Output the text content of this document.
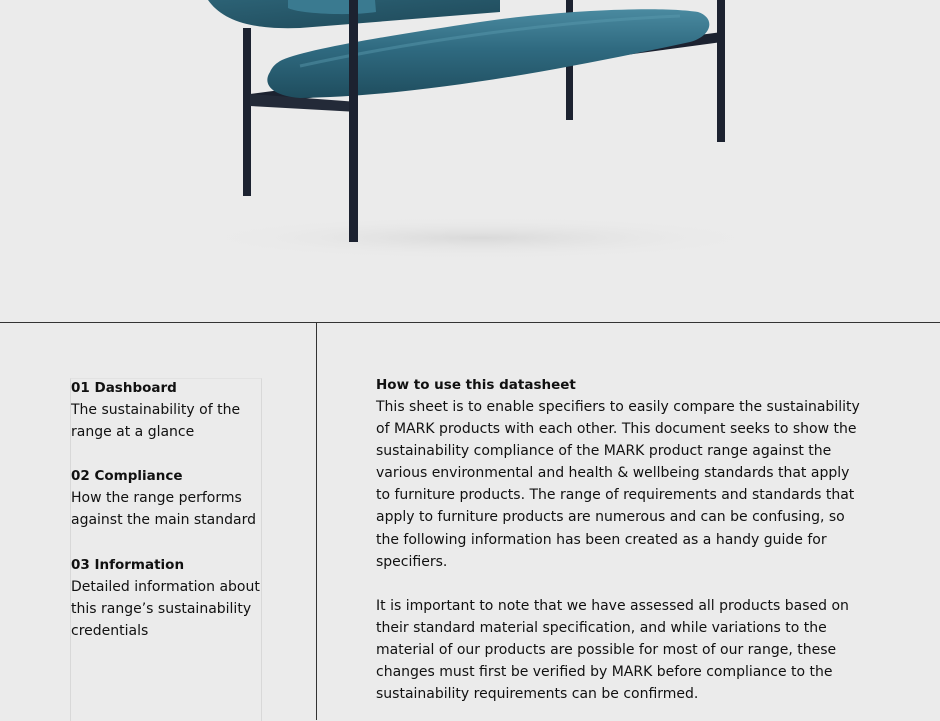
01 Dashboard
The sustainability of the range at a glance
02 Compliance
How the range performs against the main standard
03 Information
Detailed information about this range’s sustainability credentials
How to use this datasheet

This sheet is to enable specifiers to easily compare the sustainability of MARK products with each other. This document seeks to show the sustainability compliance of the MARK product range against the various environmental and health & wellbeing standards that apply to furniture products. The range of requirements and standards that apply to furniture products are numerous and can be confusing, so the following information has been created as a handy guide for specifiers.

It is important to note that we have assessed all products based on their standard material specification, and while variations to the material of our products are possible for most of our range, these changes must first be verified by MARK before compliance to the sustainability requirements can be confirmed.
